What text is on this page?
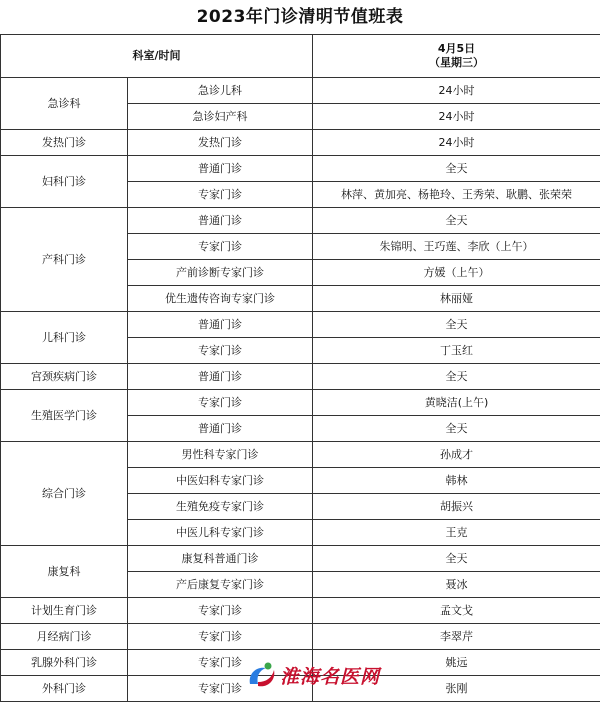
2023年门诊清明节值班表
科室/时间		4月5日
（星期三）

急诊科	急诊儿科	24小时
	急诊妇产科	24小时
发热门诊	发热门诊	24小时
妇科门诊	普通门诊	全天
	专家门诊	林萍、黄加亮、杨艳玲、王秀荣、耿鹏、张荣荣
产科门诊	普通门诊	全天
	专家门诊	朱锦明、王巧莲、李欣（上午）
	产前诊断专家门诊	方媛（上午）
	优生遗传咨询专家门诊	林丽娅
儿科门诊	普通门诊	全天
	专家门诊	丁玉红
宫颈疾病门诊	普通门诊	全天
生殖医学门诊	专家门诊	黄晓洁(上午)
	普通门诊	全天
综合门诊	男性科专家门诊	孙成才
	中医妇科专家门诊	韩林
	生殖免疫专家门诊	胡振兴
	中医儿科专家门诊	王克
康复科	康复科普通门诊	全天
	产后康复专家门诊	聂冰
计划生育门诊	专家门诊	孟文戈
月经病门诊	专家门诊	李翠芹
乳腺外科门诊	专家门诊	姚远
外科门诊	专家门诊	张刚
淮海名医网
